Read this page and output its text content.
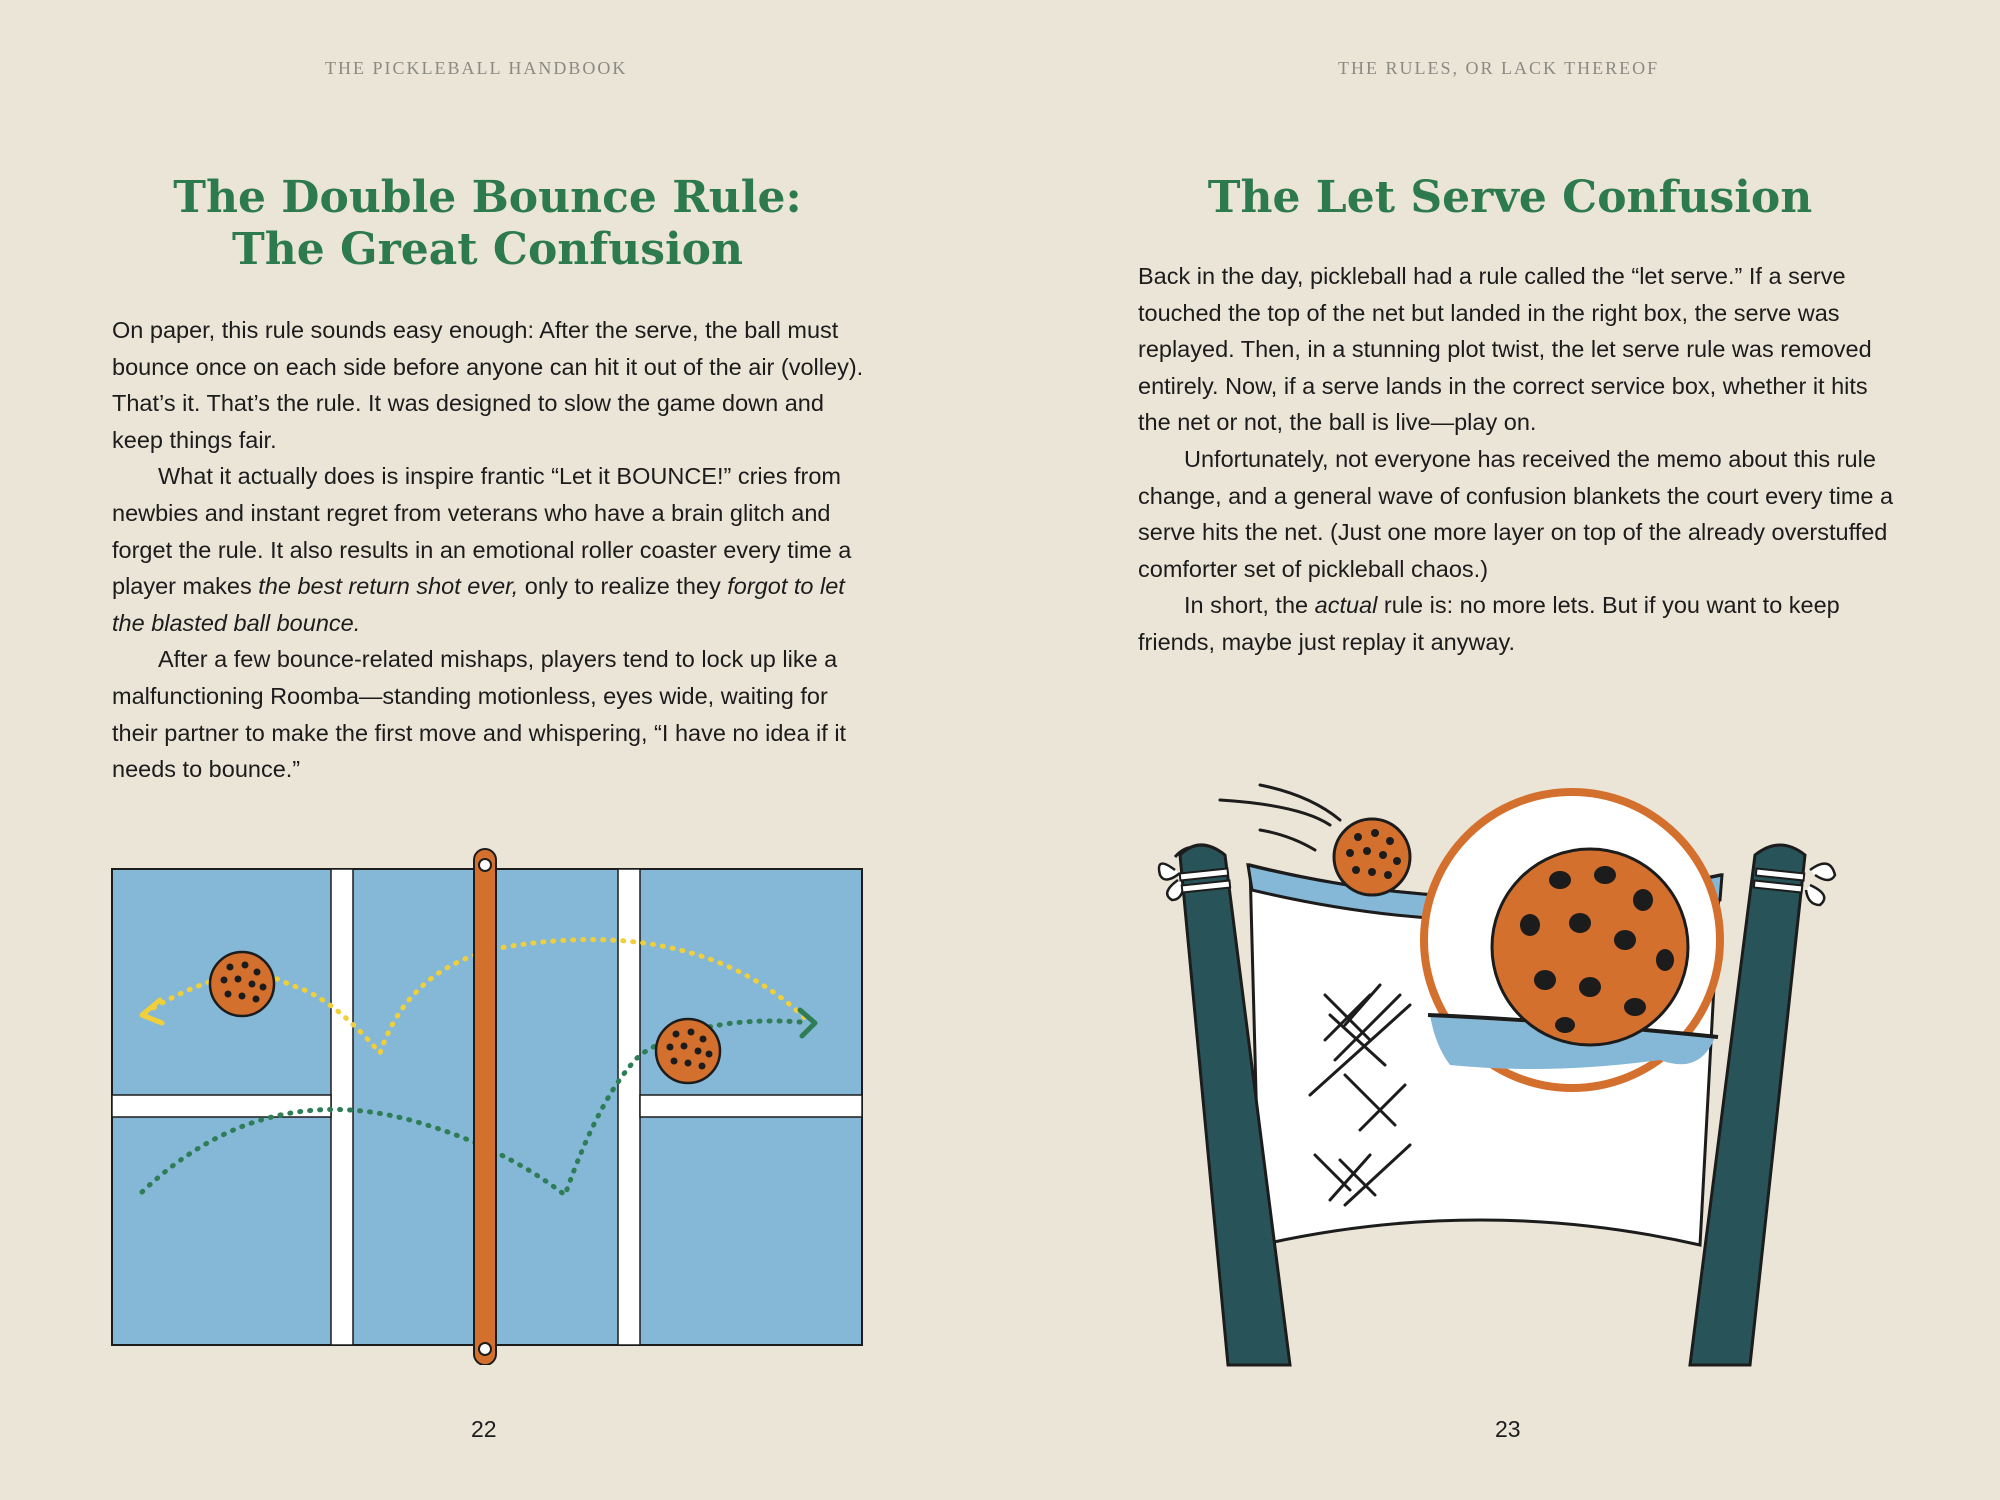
THE PICKLEBALL HANDBOOK
The Double Bounce Rule:
The Great Confusion

On paper, this rule sounds easy enough: After the serve, the ball must bounce once on each side before anyone can hit it out of the air (volley). That’s it. That’s the rule. It was designed to slow the game down and keep things fair.

What it actually does is inspire frantic “Let it BOUNCE!” cries from newbies and instant regret from veterans who have a brain glitch and forget the rule. It also results in an emotional roller coaster every time a player makes the best return shot ever, only to realize they forgot to let the blasted ball bounce.

After a few bounce-related mishaps, players tend to lock up like a malfunctioning Roomba—standing motionless, eyes wide, waiting for their partner to make the first move and whispering, “I have no idea if it needs to bounce.”

22
THE RULES, OR LACK THEREOF
The Let Serve Confusion

Back in the day, pickleball had a rule called the “let serve.” If a serve touched the top of the net but landed in the right box, the serve was replayed. Then, in a stunning plot twist, the let serve rule was removed entirely. Now, if a serve lands in the correct service box, whether it hits the net or not, the ball is live—play on.

Unfortunately, not everyone has received the memo about this rule change, and a general wave of confusion blankets the court every time a serve hits the net. (Just one more layer on top of the already overstuffed comforter set of pickleball chaos.)

In short, the actual rule is: no more lets. But if you want to keep friends, maybe just replay it anyway.

23
